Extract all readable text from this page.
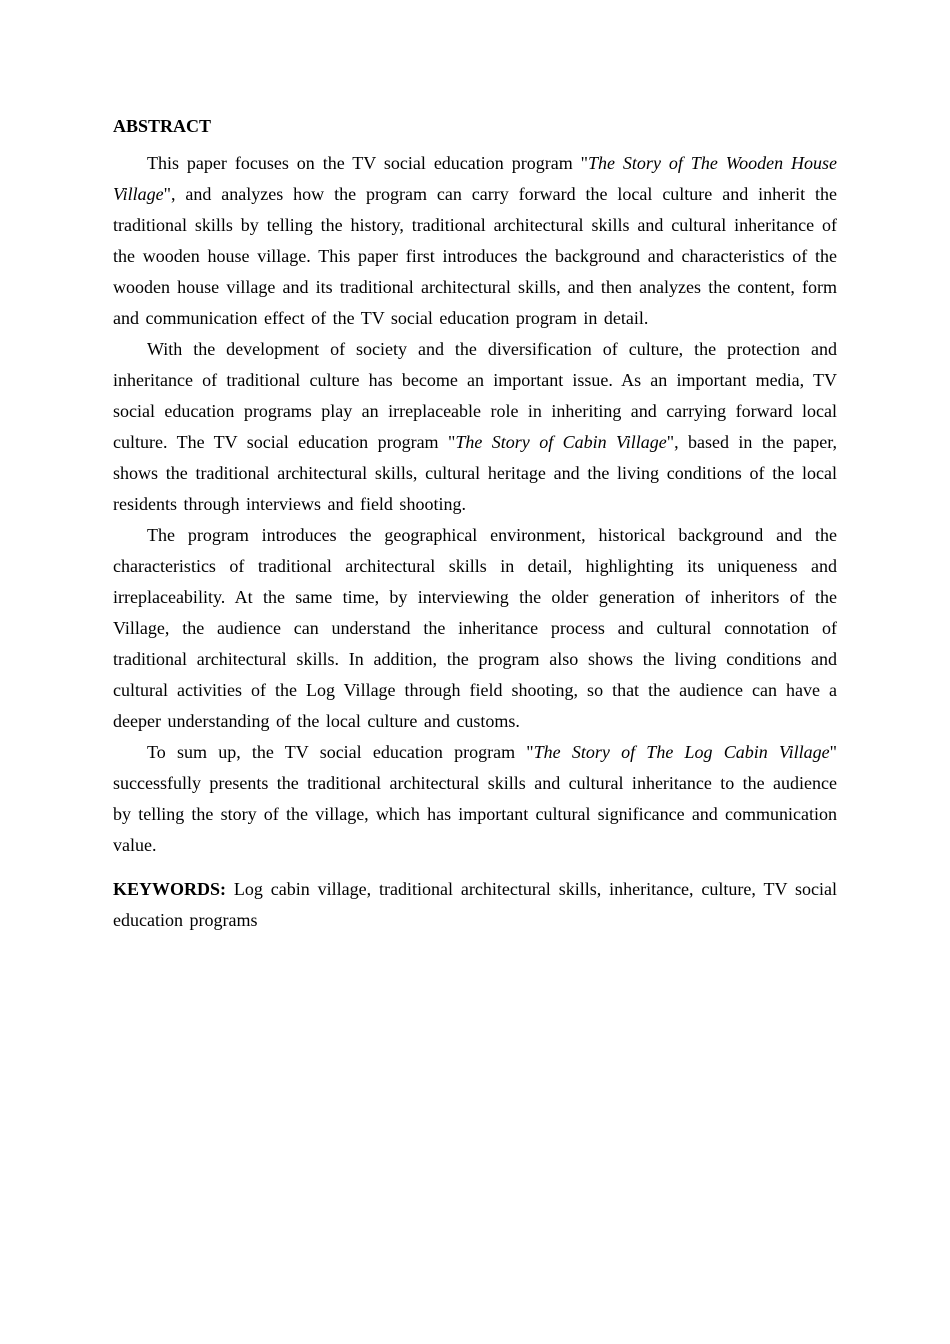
ABSTRACT

This paper focuses on the TV social education program "The Story of The Wooden House Village", and analyzes how the program can carry forward the local culture and inherit the traditional skills by telling the history, traditional architectural skills and cultural inheritance of the wooden house village. This paper first introduces the background and characteristics of the wooden house village and its traditional architectural skills, and then analyzes the content, form and communication effect of the TV social education program in detail.

With the development of society and the diversification of culture, the protection and inheritance of traditional culture has become an important issue. As an important media, TV social education programs play an irreplaceable role in inheriting and carrying forward local culture. The TV social education program "The Story of Cabin Village", based in the paper, shows the traditional architectural skills, cultural heritage and the living conditions of the local residents through interviews and field shooting.

The program introduces the geographical environment, historical background and the characteristics of traditional architectural skills in detail, highlighting its uniqueness and irreplaceability. At the same time, by interviewing the older generation of inheritors of the Village, the audience can understand the inheritance process and cultural connotation of traditional architectural skills. In addition, the program also shows the living conditions and cultural activities of the Log Village through field shooting, so that the audience can have a deeper understanding of the local culture and customs.

To sum up, the TV social education program "The Story of The Log Cabin Village" successfully presents the traditional architectural skills and cultural inheritance to the audience by telling the story of the village, which has important cultural significance and communication value.

KEYWORDS: Log cabin village, traditional architectural skills, inheritance, culture, TV social education programs
